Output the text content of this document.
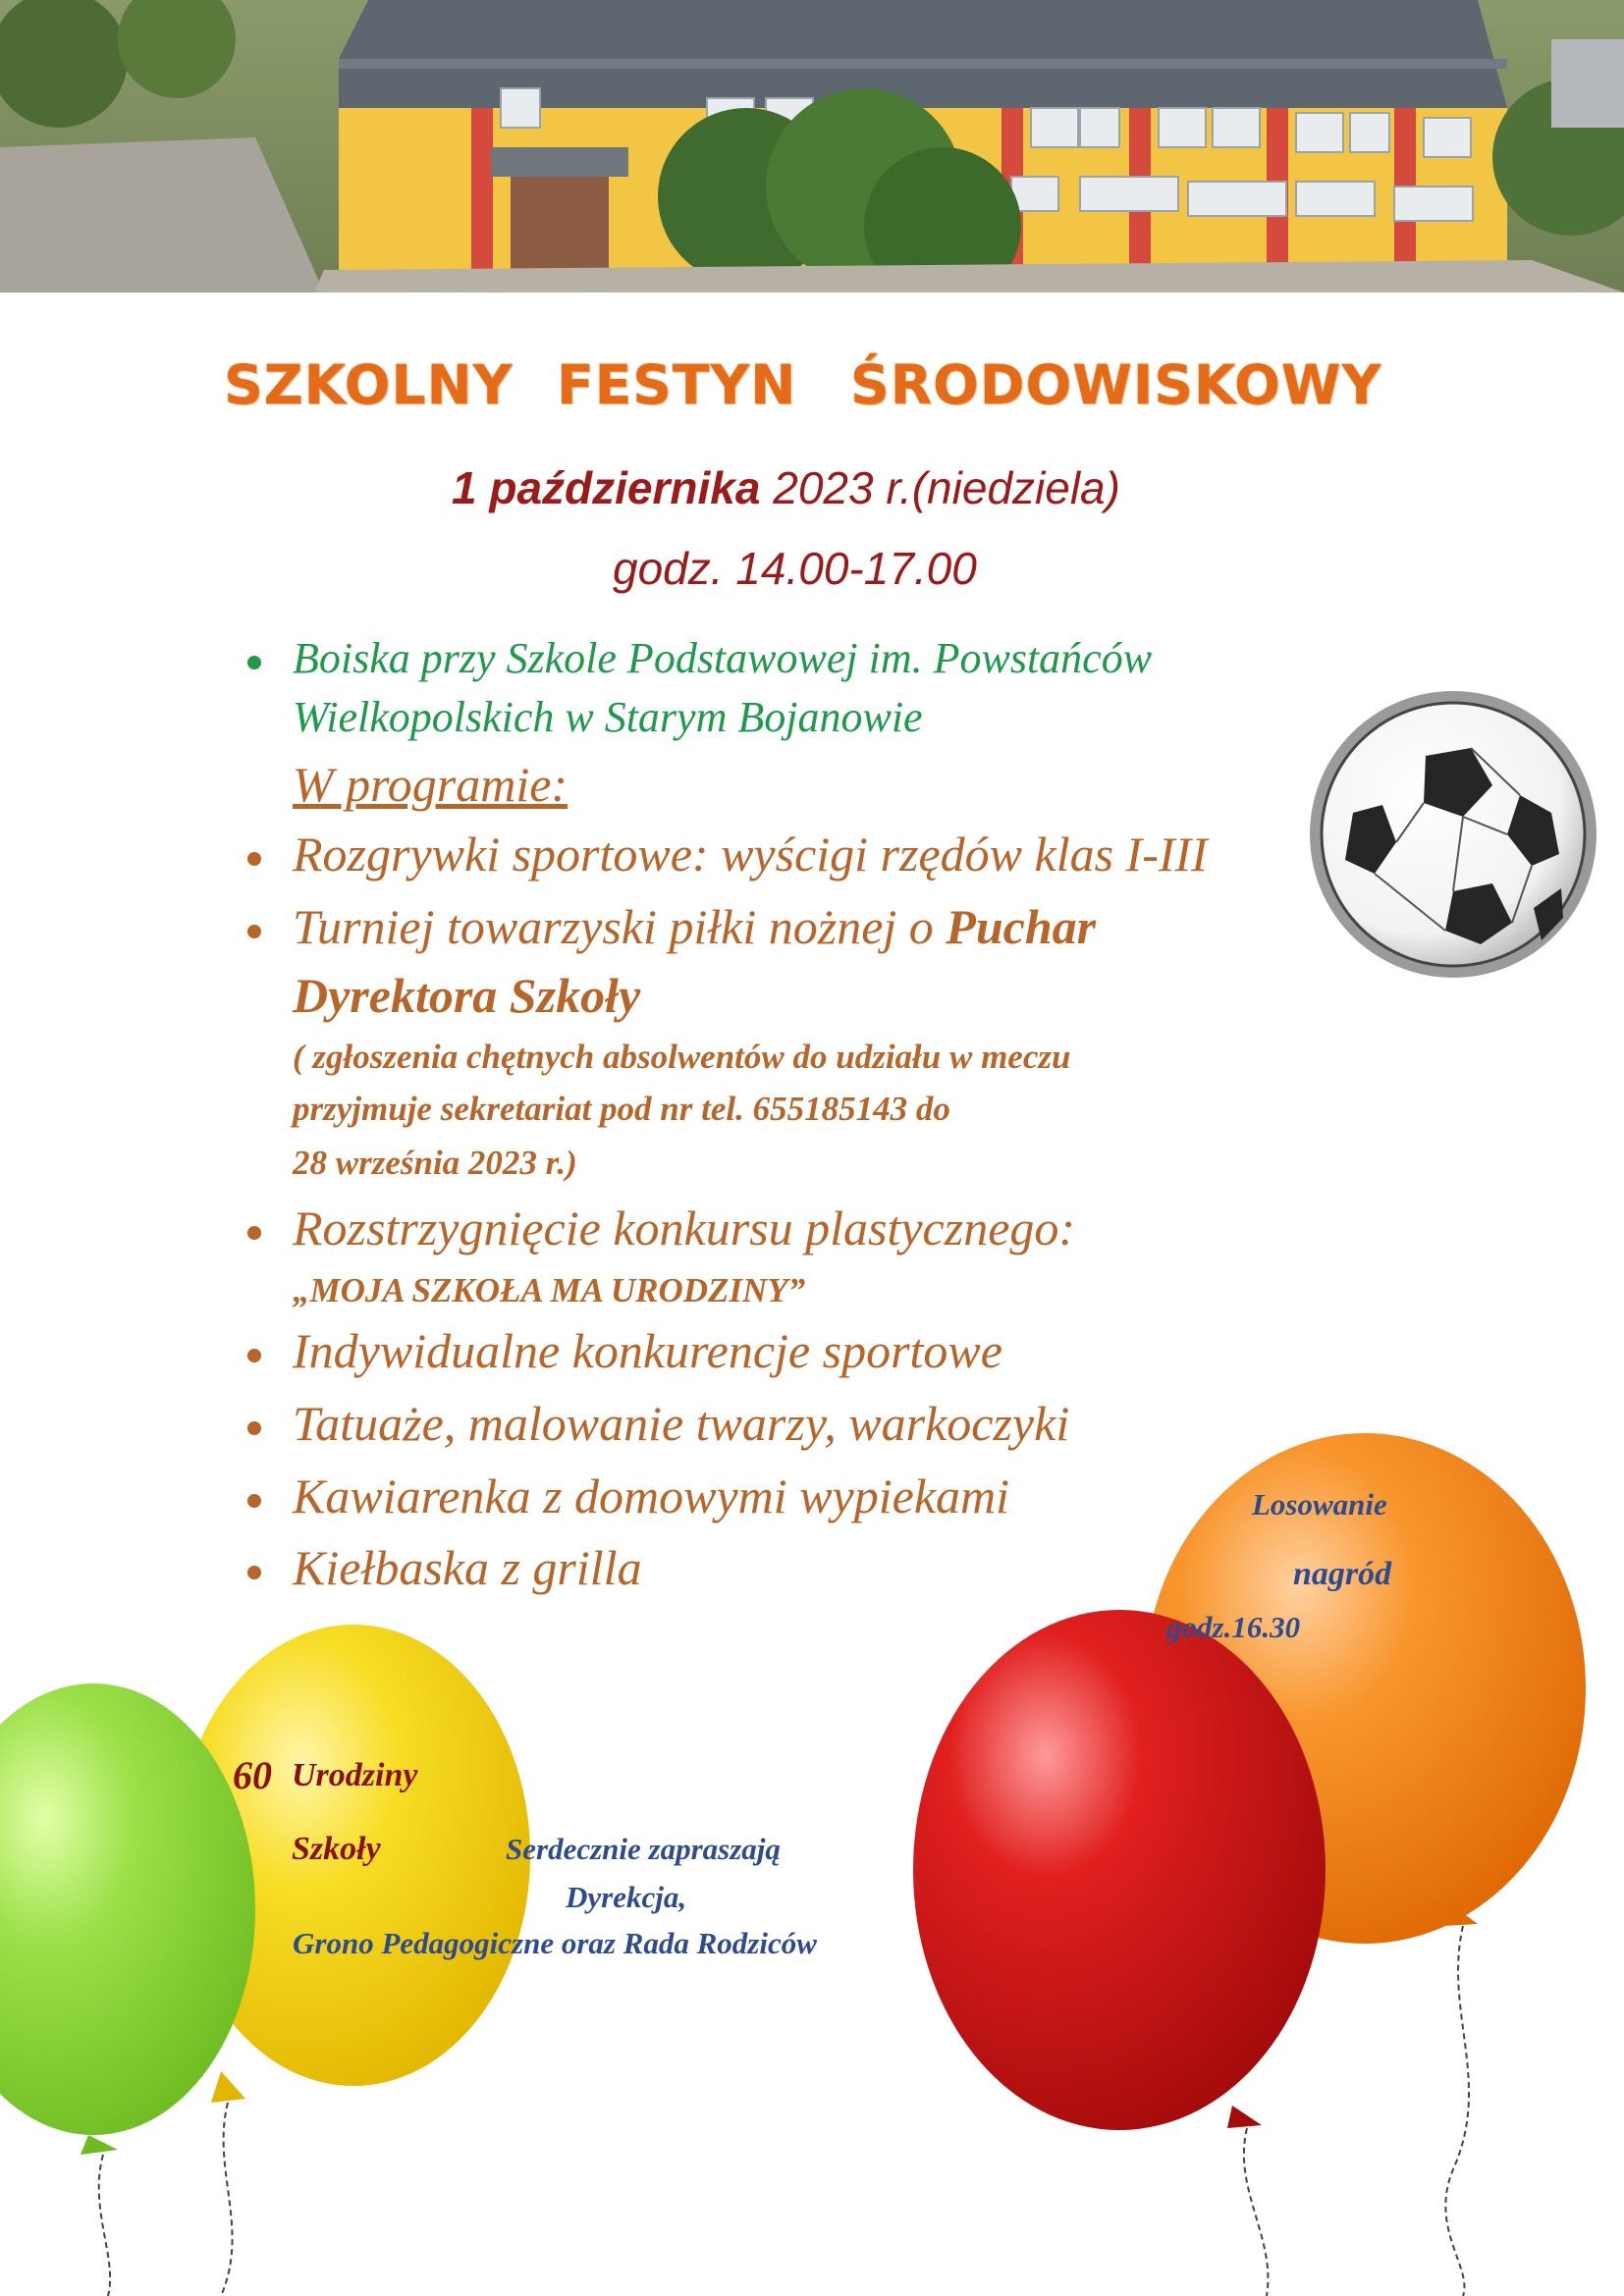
SZKOLNY FESTYN ŚRODOWISKOWY
1 października 2023 r.(niedziela)
godz. 14.00-17.00
Boiska przy Szkole Podstawowej im. Powstańców
Wielkopolskich w Starym Bojanowie
W programie:
Rozgrywki sportowe: wyścigi rzędów klas I-III
Turniej towarzyski piłki nożnej o Puchar
Dyrektora Szkoły
( zgłoszenia chętnych absolwentów do udziału w meczu
przyjmuje sekretariat pod nr tel. 655185143 do
28 września 2023 r.)
Rozstrzygnięcie konkursu plastycznego:
„MOJA SZKOŁA MA URODZINY”
Indywidualne konkurencje sportowe
Tatuaże, malowanie twarzy, warkoczyki
Kawiarenka z domowymi wypiekami
Kiełbaska z grilla
Losowanie
nagród
godz.16.30
60 Urodziny
Szkoły	Serdecznie zapraszają
Dyrekcja,
Grono Pedagogiczne oraz Rada Rodziców
